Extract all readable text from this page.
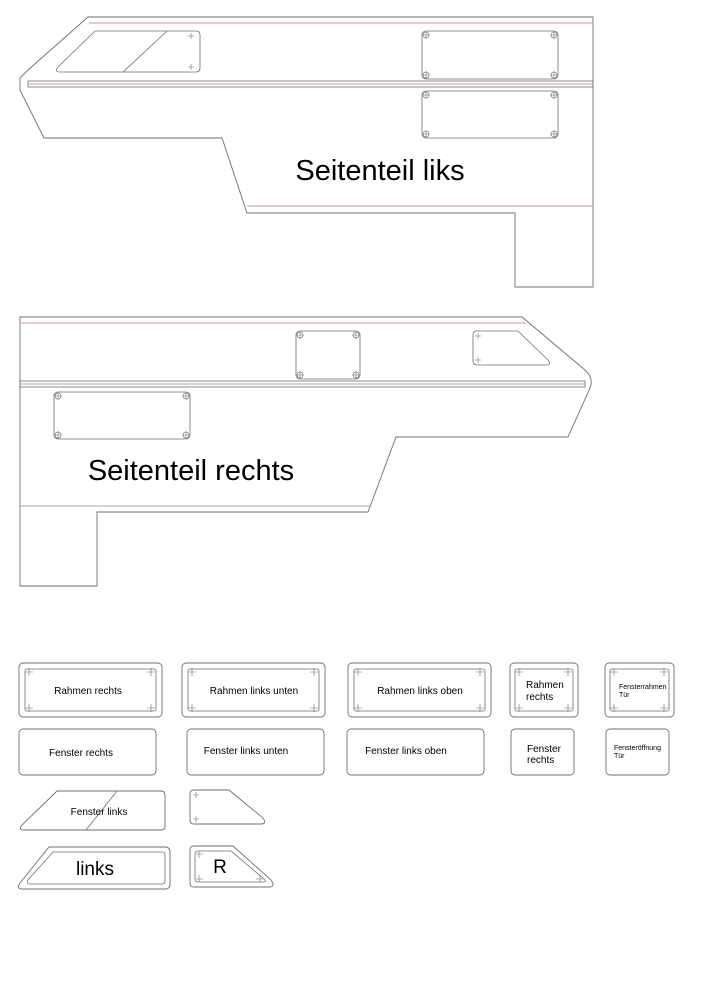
Seitenteil liks
Seitenteil rechts
Rahmen rechts	Rahmen links unten	Rahmen links oben
Rahmen
rechts
Fensterrahmen
Tür
Fenster rechts	Fenster links unten	Fenster links oben	Fenster
rechts
Fensteröffnung
Tür
Fenster links
links	R
